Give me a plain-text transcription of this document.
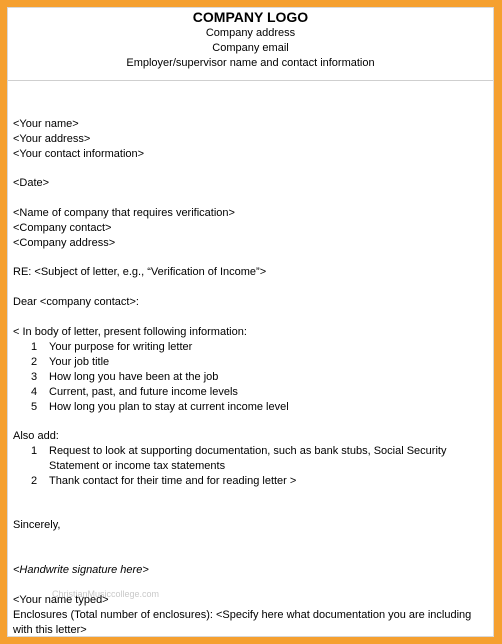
COMPANY LOGO
Company address
Company email
Employer/supervisor name and contact information
<Your name>
<Your address>
<Your contact information>
<Date>
<Name of company that requires verification>
<Company contact>
<Company address>
RE: <Subject of letter, e.g., “Verification of Income”>
Dear <company contact>:
< In body of letter, present following information:
1 Your purpose for writing letter
2 Your job title
3 How long you have been at the job
4 Current, past, and future income levels
5 How long you plan to stay at current income level
Also add:
1 Request to look at supporting documentation, such as bank stubs, Social Security
Statement or income tax statements
2 Thank contact for their time and for reading letter >
Sincerely,
<Handwrite signature here>
ChristianMusiccollege.com
<Your name typed>
Enclosures (Total number of enclosures): <Specify here what documentation you are including
with this letter>
